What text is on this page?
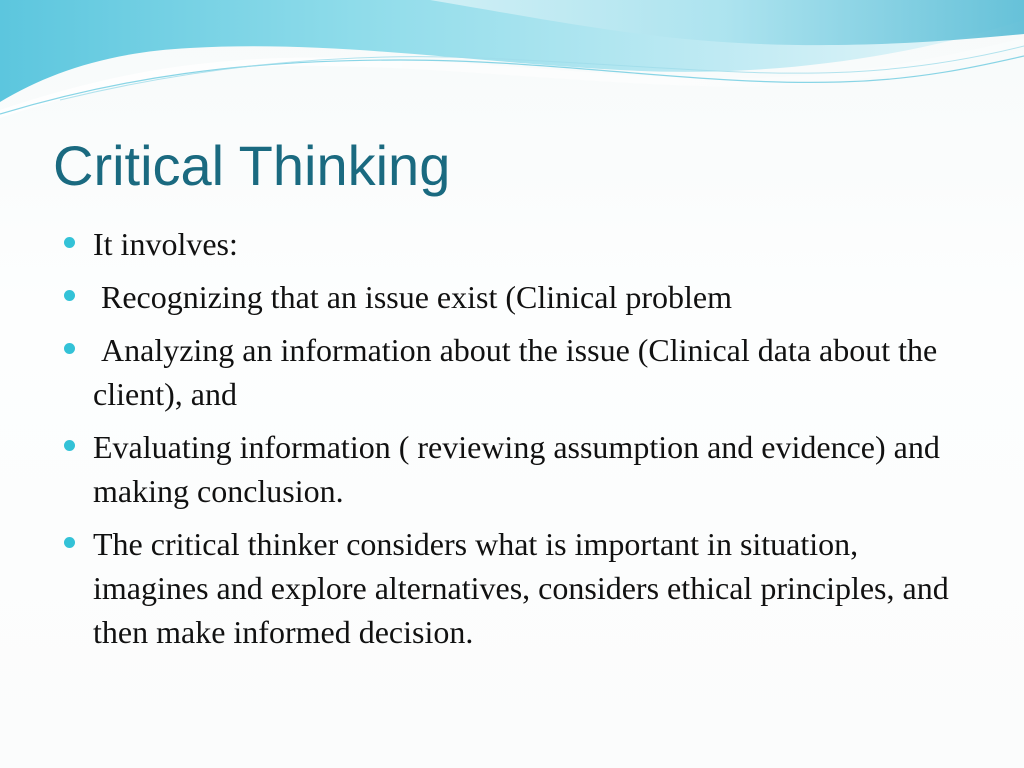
Critical Thinking
It involves:
Recognizing that an issue exist (Clinical problem
Analyzing an information about the issue (Clinical data about the client), and
Evaluating information ( reviewing assumption and evidence) and making conclusion.
The critical thinker considers what is important in situation, imagines and explore alternatives, considers ethical principles, and then make informed decision.
